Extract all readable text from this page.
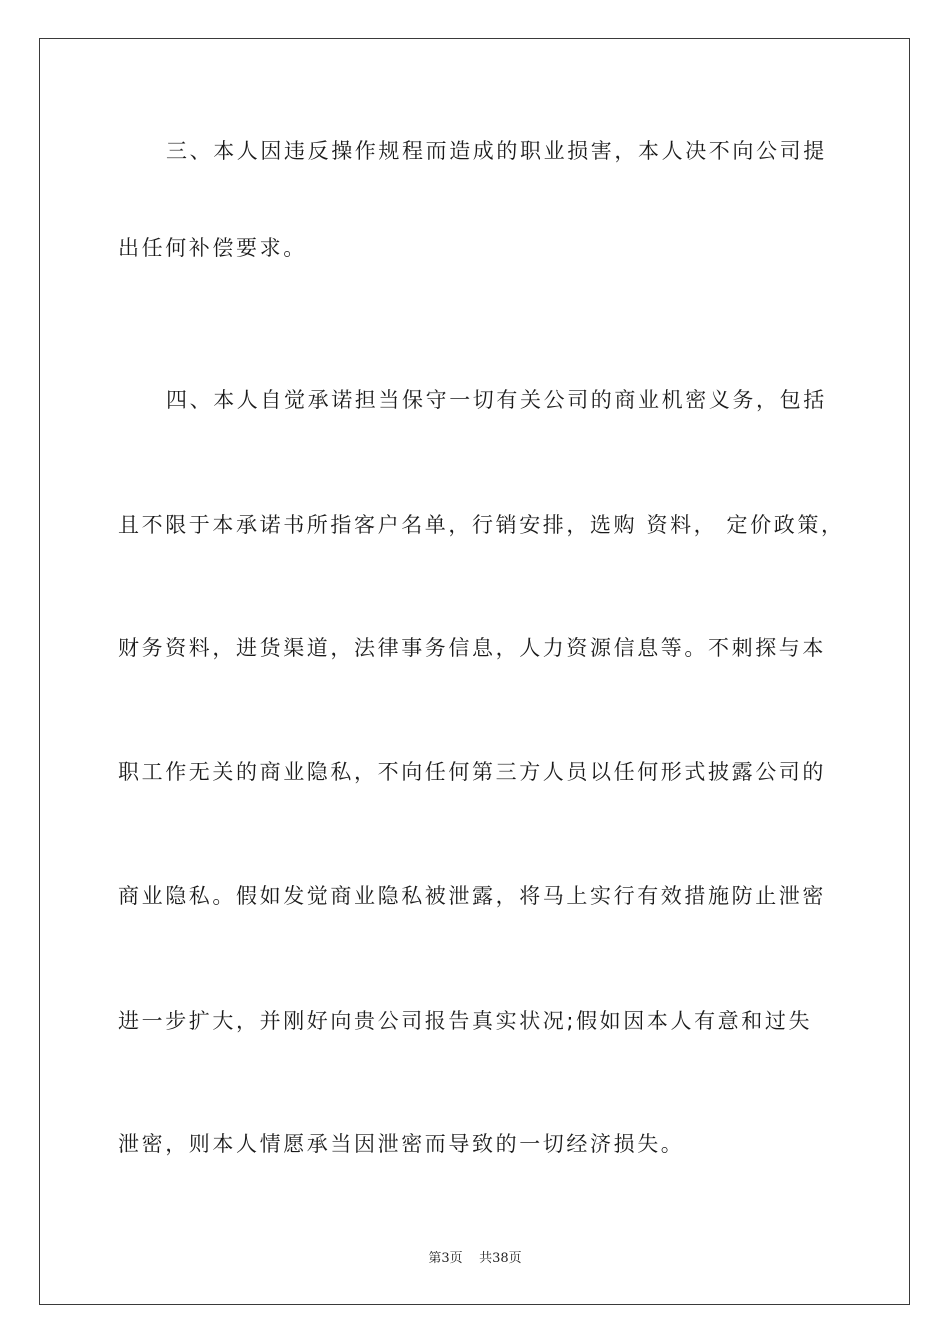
三、本人因违反操作规程而造成的职业损害，本人决不向公司提
出任何补偿要求。
四、本人自觉承诺担当保守一切有关公司的商业机密义务，包括
且不限于本承诺书所指客户名单，行销安排，选购 资料， 定价政策，
财务资料，进货渠道，法律事务信息，人力资源信息等。不刺探与本
职工作无关的商业隐私，不向任何第三方人员以任何形式披露公司的
商业隐私。假如发觉商业隐私被泄露，将马上实行有效措施防止泄密
进一步扩大，并刚好向贵公司报告真实状况;假如因本人有意和过失
泄密，则本人情愿承当因泄密而导致的一切经济损失。
第3页    共38页
